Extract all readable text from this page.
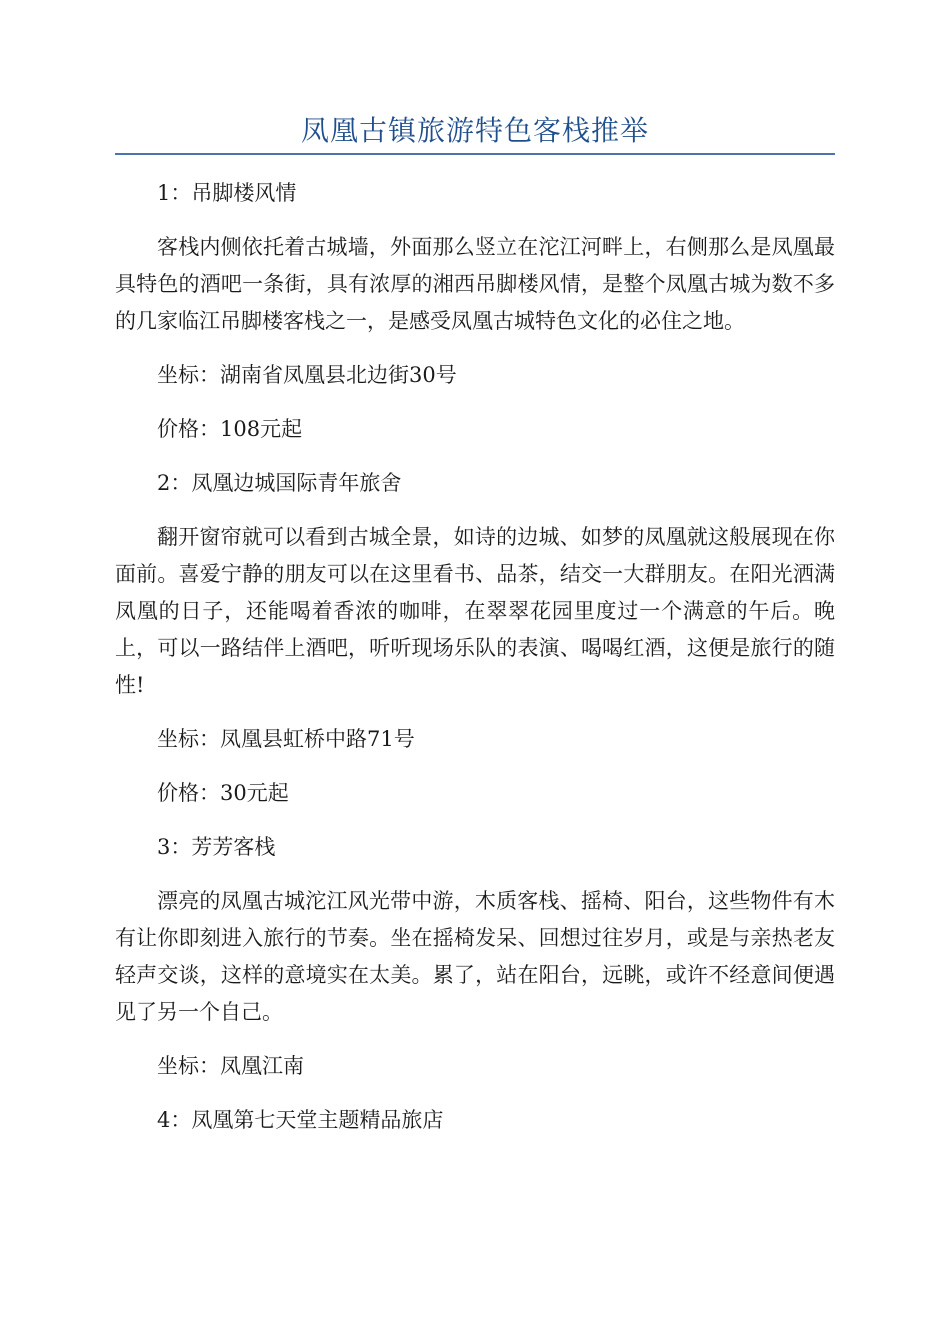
凤凰古镇旅游特色客栈推举

1：吊脚楼风情

客栈内侧依托着古城墙，外面那么竖立在沱江河畔上，右侧那么是凤凰最具特色的酒吧一条街，具有浓厚的湘西吊脚楼风情，是整个凤凰古城为数不多的几家临江吊脚楼客栈之一，是感受凤凰古城特色文化的必住之地。

坐标：湖南省凤凰县北边街30号

价格：108元起

2：凤凰边城国际青年旅舍

翻开窗帘就可以看到古城全景，如诗的边城、如梦的凤凰就这般展现在你面前。喜爱宁静的朋友可以在这里看书、品茶，结交一大群朋友。在阳光洒满凤凰的日子，还能喝着香浓的咖啡，在翠翠花园里度过一个满意的午后。晚上，可以一路结伴上酒吧，听听现场乐队的表演、喝喝红酒，这便是旅行的随性!

坐标：凤凰县虹桥中路71号

价格：30元起

3：芳芳客栈

漂亮的凤凰古城沱江风光带中游，木质客栈、摇椅、阳台，这些物件有木有让你即刻进入旅行的节奏。坐在摇椅发呆、回想过往岁月，或是与亲热老友轻声交谈，这样的意境实在太美。累了，站在阳台，远眺，或许不经意间便遇见了另一个自己。

坐标：凤凰江南

4：凤凰第七天堂主题精品旅店
